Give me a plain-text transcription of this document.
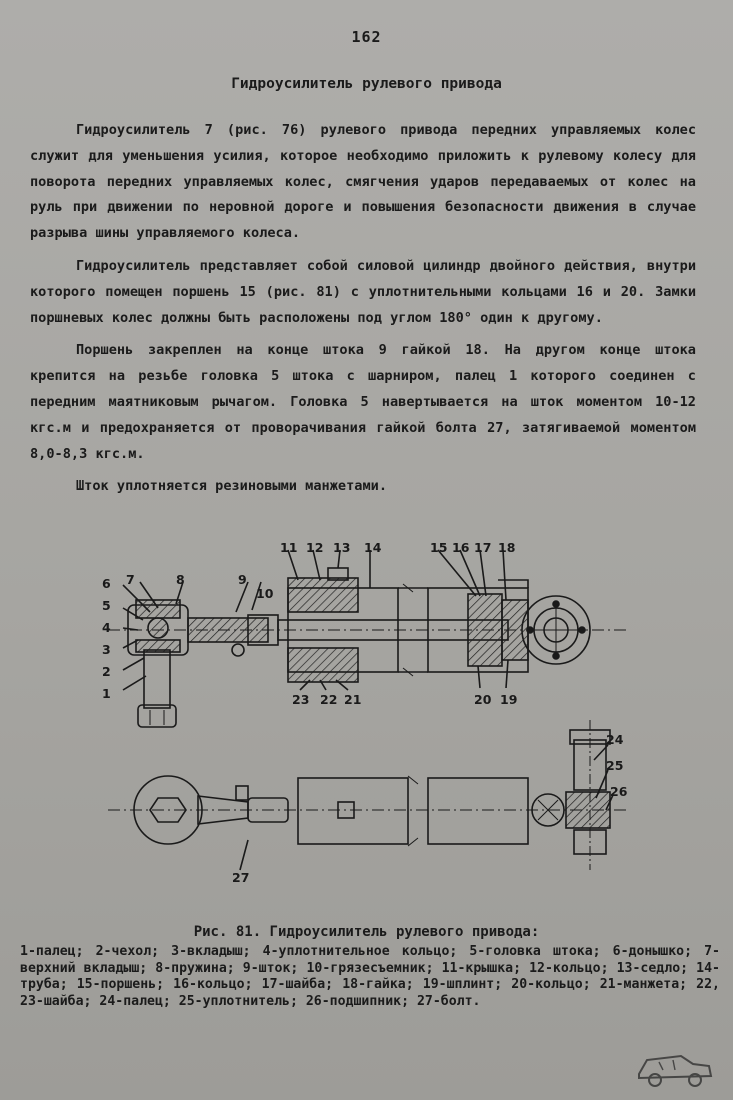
162
Гидроусилитель рулевого привода

Гидроусилитель 7 (рис. 76) рулевого привода передних управляемых колес служит для уменьшения усилия, которое необходимо приложить к рулевому колесу для поворота передних управляемых колес, смягчения ударов передаваемых от колес на руль при движении по неровной дороге и повышения безопасности движения в случае разрыва шины управляемого колеса.

Гидроусилитель представляет собой силовой цилиндр двойного действия, внутри которого помещен поршень 15 (рис. 81) с уплотнительными кольцами 16 и 20. Замки поршневых колес должны быть расположены под углом 180° один к другому.

Поршень закреплен на конце штока 9 гайкой 18. На другом конце штока крепится на резьбе головка 5 штока с шарниром, палец 1 которого соединен с передним маятниковым рычагом. Головка 5 навертывается на шток моментом 10-12 кгс.м и предохраняется от проворачивания гайкой болта 27, затягиваемой моментом 8,0-8,3 кгс.м.

Шток уплотняется резиновыми манжетами.

6
5
4
3
2
1
7	8	9
10
11 12 13 14	15 16 17 18
19
20
21
22
23
24
25
26
27
Рис. 81. Гидроусилитель рулевого привода:
1-палец; 2-чехол; 3-вкладыш; 4-уплотнительное кольцо; 5-головка штока; 6-донышко; 7-верхний вкладыш; 8-пружина; 9-шток; 10-грязесъемник; 11-крышка; 12-кольцо; 13-седло; 14-труба; 15-поршень; 16-кольцо; 17-шайба; 18-гайка; 19-шплинт; 20-кольцо; 21-манжета; 22, 23-шайба; 24-палец; 25-уплотнитель; 26-подшипник; 27-болт.
